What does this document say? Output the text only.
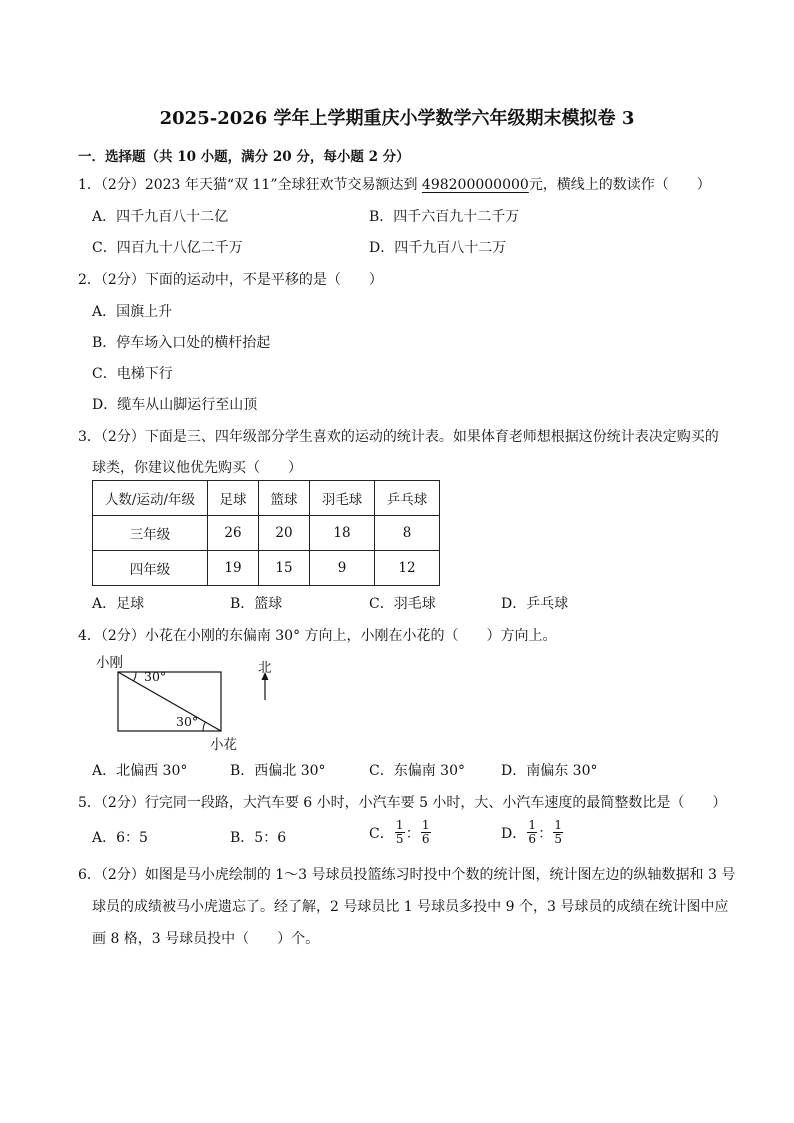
2025-2026 学年上学期重庆小学数学六年级期末模拟卷 3
一．选择题（共 10 小题，满分 20 分，每小题 2 分）
1．（2分）2023 年天猫“双 11”全球狂欢节交易额达到 498200000000元，横线上的数读作（　　）
A．四千九百八十二亿	B．四千六百九十二千万
C．四百九十八亿二千万	D．四千九百八十二万
2．（2分）下面的运动中，不是平移的是（　　）
A．国旗上升
B．停车场入口处的横杆抬起
C．电梯下行
D．缆车从山脚运行至山顶
3．（2分）下面是三、四年级部分学生喜欢的运动的统计表。如果体育老师想根据这份统计表决定购买的
球类，你建议他优先购买（　　）
人数/运动/年级	足球	篮球	羽毛球	乒乓球
三年级	26	20	18	8
四年级	19	15	9	12
A．足球	B．篮球	C．羽毛球	D．乒乓球
4．（2分）小花在小刚的东偏南 30° 方向上，小刚在小花的（　　）方向上。
小刚
30°
30°
小花
北
A．北偏西 30°	B．西偏北 30°	C．东偏南 30°	D．南偏东 30°
5．（2分）行完同一段路，大汽车要 6 小时，小汽车要 5 小时，大、小汽车速度的最简整数比是（　　）
A．6：5	B．5：6	C． $\frac{1}{5}$ ： $\frac{1}{6}$	D． $\frac{1}{6}$ ： $\frac{1}{5}$
6．（2分）如图是马小虎绘制的 1～3 号球员投篮练习时投中个数的统计图，统计图左边的纵轴数据和 3 号
球员的成绩被马小虎遗忘了。经了解，2 号球员比 1 号球员多投中 9 个，3 号球员的成绩在统计图中应
画 8 格，3 号球员投中（　　）个。
